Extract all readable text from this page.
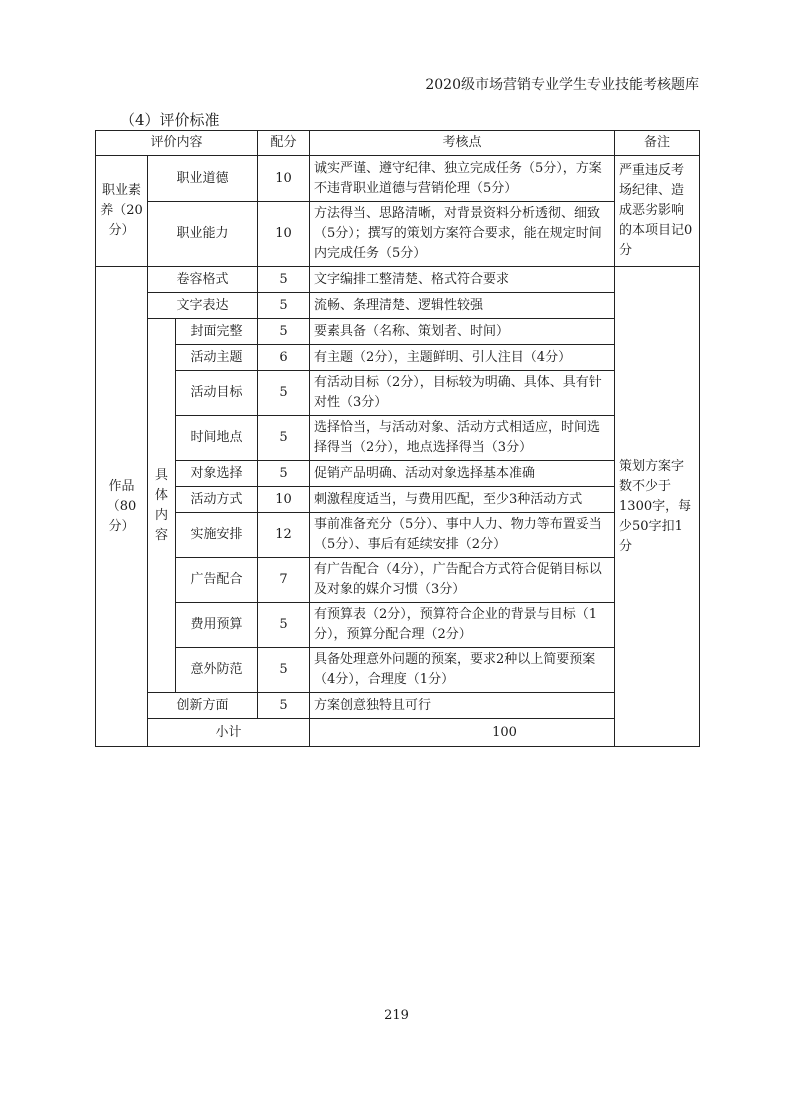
2020级市场营销专业学生专业技能考核题库
（4）评价标准
评价内容			配分	考核点	备注	
职业素养（20分）	职业道德		10	诚实严谨、遵守纪律、独立完成任务（5分），方案不违背职业道德与营销伦理（5分）	严重违反考场纪律、造成恶劣影响的本项目记0分	
	职业能力		10	方法得当、思路清晰，对背景资料分析透彻、细致（5分）；撰写的策划方案符合要求，能在规定时间内完成任务（5分）		
作品（80分）	卷容格式		5	文字编排工整清楚、格式符合要求	策划方案字数不少于1300字，每少50字扣1分	
	文字表达		5	流畅、条理清楚、逻辑性较强		
	具体内容	封面完整	5	要素具备（名称、策划者、时间）		
		活动主题	6	有主题（2分），主题鲜明、引人注目（4分）		
		活动目标	5	有活动目标（2分），目标较为明确、具体、具有针对性（3分）		
		时间地点	5	选择恰当，与活动对象、活动方式相适应，时间选择得当（2分），地点选择得当（3分）		
		对象选择	5	促销产品明确、活动对象选择基本准确		
		活动方式	10	刺激程度适当，与费用匹配，至少3种活动方式		
		实施安排	12	事前准备充分（5分）、事中人力、物力等布置妥当（5分）、事后有延续安排（2分）		
		广告配合	7	有广告配合（4分），广告配合方式符合促销目标以及对象的媒介习惯（3分）		
		费用预算	5	有预算表（2分），预算符合企业的背景与目标（1分），预算分配合理（2分）		
		意外防范	5	具备处理意外问题的预案，要求2种以上简要预案（4分），合理度（1分）		
	创新方面		5	方案创意独特且可行		
	小计			100		
219
